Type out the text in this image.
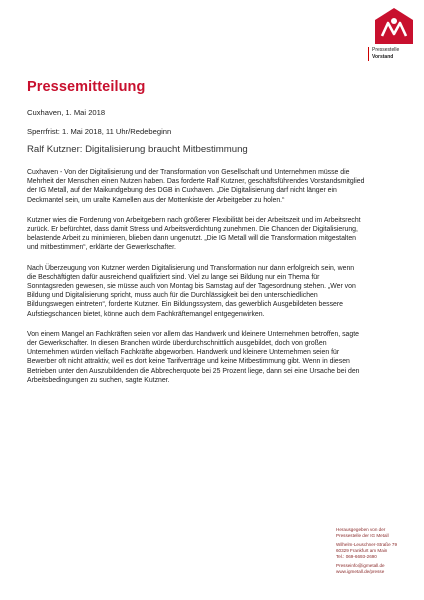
Pressestelle
Vorstand
Pressemitteilung
Cuxhaven, 1. Mai 2018
Sperrfrist: 1. Mai 2018, 11 Uhr/Redebeginn
Ralf Kutzner: Digitalisierung braucht Mitbestimmung

Cuxhaven - Von der Digitalisierung und der Transformation von Gesellschaft und Unternehmen müsse die Mehrheit der Menschen einen Nutzen haben. Das forderte Ralf Kutzner, geschäftsführendes Vorstandsmitglied der IG Metall, auf der Maikundgebung des DGB in Cuxhaven. „Die Digitalisierung darf nicht länger ein Deckmantel sein, um uralte Kamellen aus der Mottenkiste der Arbeitgeber zu holen.“

Kutzner wies die Forderung von Arbeitgebern nach größerer Flexibilität bei der Arbeitszeit und im Arbeitsrecht zurück. Er befürchtet, dass damit Stress und Arbeitsverdichtung zunehmen. Die Chancen der Digitalisierung, belastende Arbeit zu minimieren, blieben dann ungenutzt. „Die IG Metall will die Transformation mitgestalten und mitbestimmen“, erklärte der Gewerkschafter.

Nach Überzeugung von Kutzner werden Digitalisierung und Transformation nur dann erfolgreich sein, wenn die Beschäftigten dafür ausreichend qualifiziert sind. Viel zu lange sei Bildung nur ein Thema für Sonntagsreden gewesen, sie müsse auch von Montag bis Samstag auf der Tagesordnung stehen. „Wer von Bildung und Digitalisierung spricht, muss auch für die Durchlässigkeit bei den unterschiedlichen Bildungswegen eintreten“, forderte Kutzner. Ein Bildungssystem, das gewerblich Ausgebildeten bessere Aufstiegschancen bietet, könne auch dem Fachkräftemangel entgegenwirken.

Von einem Mangel an Fachkräften seien vor allem das Handwerk und kleinere Unternehmen betroffen, sagte der Gewerkschafter. In diesen Branchen würde überdurchschnittlich ausgebildet, doch von großen Unternehmen würden vielfach Fachkräfte abgeworben. Handwerk und kleinere Unternehmen seien für Bewerber oft nicht attraktiv, weil es dort keine Tarifverträge und keine Mitbestimmung gibt. Wenn in diesen Betrieben unter den Auszubildenden die Abbrecherquote bei 25 Prozent liege, dann sei eine Ursache bei den Arbeitsbedingungen zu suchen, sagte Kutzner.

Herausgegeben von der
Pressestelle der IG Metall
Wilhelm-Leuschner-Straße 79
60329 Frankfurt am Main
Tel.: 069-6693-2690
Presseinfo@igmetall.de
www.igmetall.de/presse
